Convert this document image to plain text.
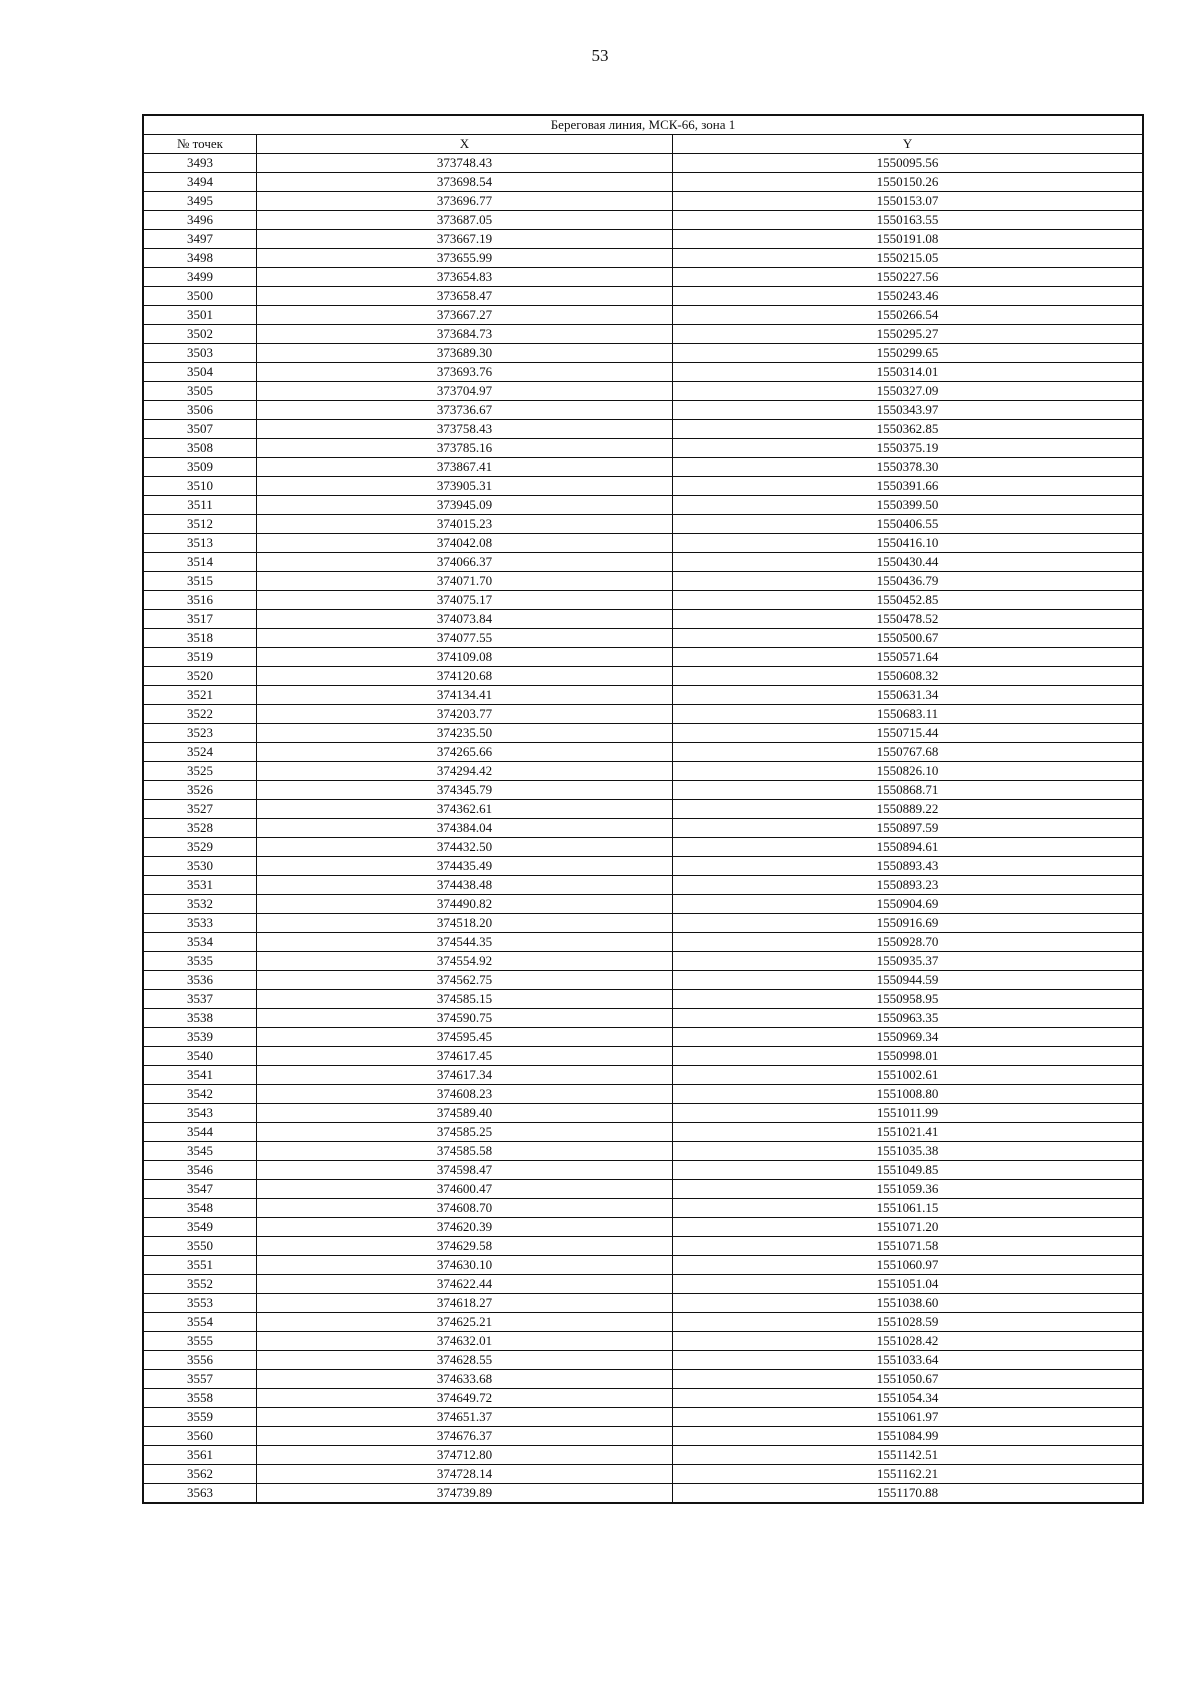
53
Береговая линия, МСК-66, зона 1		
№ точек	X	Y
3493	373748.43	1550095.56
3494	373698.54	1550150.26
3495	373696.77	1550153.07
3496	373687.05	1550163.55
3497	373667.19	1550191.08
3498	373655.99	1550215.05
3499	373654.83	1550227.56
3500	373658.47	1550243.46
3501	373667.27	1550266.54
3502	373684.73	1550295.27
3503	373689.30	1550299.65
3504	373693.76	1550314.01
3505	373704.97	1550327.09
3506	373736.67	1550343.97
3507	373758.43	1550362.85
3508	373785.16	1550375.19
3509	373867.41	1550378.30
3510	373905.31	1550391.66
3511	373945.09	1550399.50
3512	374015.23	1550406.55
3513	374042.08	1550416.10
3514	374066.37	1550430.44
3515	374071.70	1550436.79
3516	374075.17	1550452.85
3517	374073.84	1550478.52
3518	374077.55	1550500.67
3519	374109.08	1550571.64
3520	374120.68	1550608.32
3521	374134.41	1550631.34
3522	374203.77	1550683.11
3523	374235.50	1550715.44
3524	374265.66	1550767.68
3525	374294.42	1550826.10
3526	374345.79	1550868.71
3527	374362.61	1550889.22
3528	374384.04	1550897.59
3529	374432.50	1550894.61
3530	374435.49	1550893.43
3531	374438.48	1550893.23
3532	374490.82	1550904.69
3533	374518.20	1550916.69
3534	374544.35	1550928.70
3535	374554.92	1550935.37
3536	374562.75	1550944.59
3537	374585.15	1550958.95
3538	374590.75	1550963.35
3539	374595.45	1550969.34
3540	374617.45	1550998.01
3541	374617.34	1551002.61
3542	374608.23	1551008.80
3543	374589.40	1551011.99
3544	374585.25	1551021.41
3545	374585.58	1551035.38
3546	374598.47	1551049.85
3547	374600.47	1551059.36
3548	374608.70	1551061.15
3549	374620.39	1551071.20
3550	374629.58	1551071.58
3551	374630.10	1551060.97
3552	374622.44	1551051.04
3553	374618.27	1551038.60
3554	374625.21	1551028.59
3555	374632.01	1551028.42
3556	374628.55	1551033.64
3557	374633.68	1551050.67
3558	374649.72	1551054.34
3559	374651.37	1551061.97
3560	374676.37	1551084.99
3561	374712.80	1551142.51
3562	374728.14	1551162.21
3563	374739.89	1551170.88
